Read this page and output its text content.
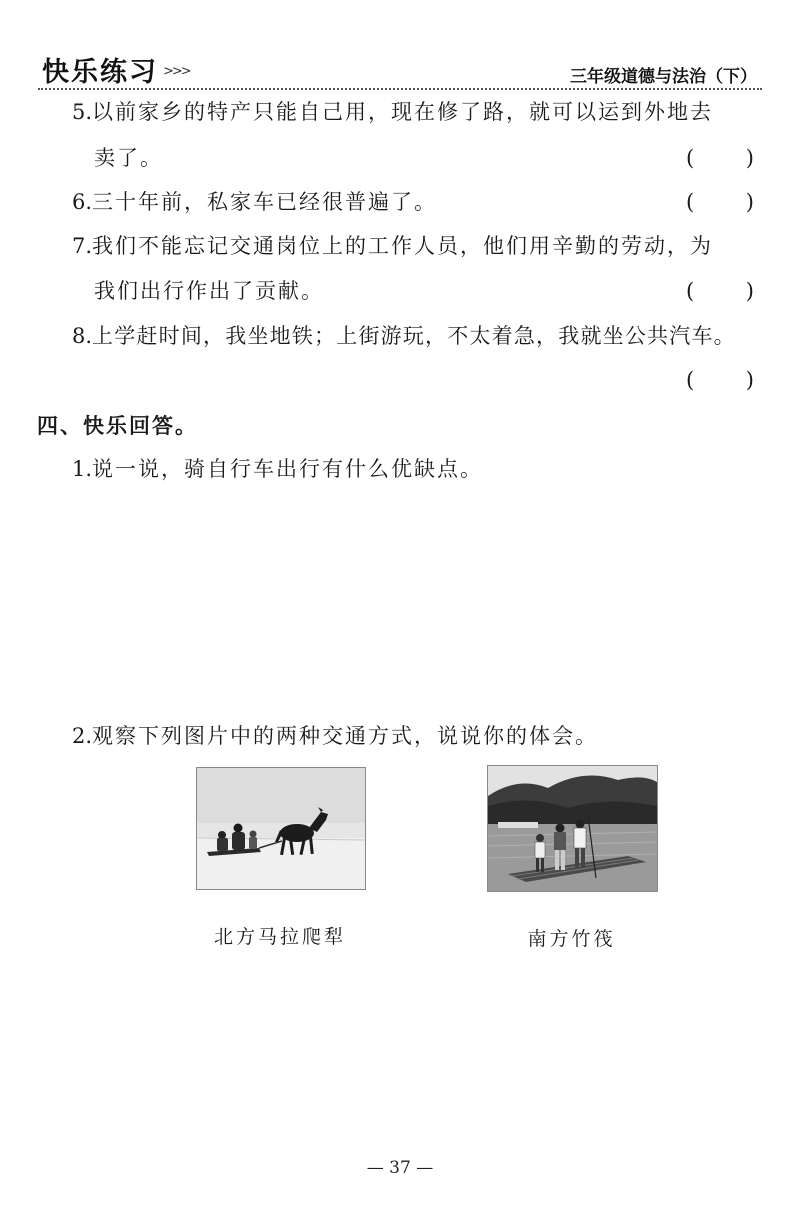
快乐练习 >>>	三年级道德与法治（下）
5.以前家乡的特产只能自己用，现在修了路，就可以运到外地去
卖了。	( )
6.三十年前，私家车已经很普遍了。	( )
7.我们不能忘记交通岗位上的工作人员，他们用辛勤的劳动，为
我们出行作出了贡献。	( )
8.上学赶时间，我坐地铁；上街游玩，不太着急，我就坐公共汽车。
( )
四、快乐回答。
1.说一说，骑自行车出行有什么优缺点。
2.观察下列图片中的两种交通方式，说说你的体会。
北方马拉爬犁	南方竹筏
— 37 —
